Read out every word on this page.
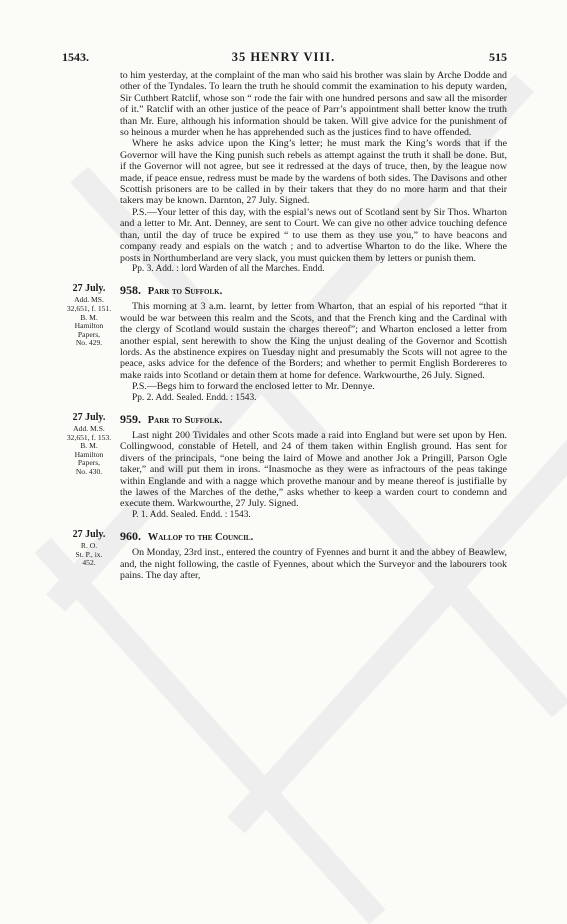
1543.	35 HENRY VIII.	515

to him yesterday, at the complaint of the man who said his brother was slain by Arche Dodde and other of the Tyndales. To learn the truth he should commit the examination to his deputy warden, Sir Cuthbert Ratclif, whose son “ rode the fair with one hundred persons and saw all the misorder of it.” Ratclif with an other justice of the peace of Parr’s appointment shall better know the truth than Mr. Eure, although his information should be taken. Will give advice for the punishment of so heinous a murder when he has apprehended such as the justices find to have offended.

Where he asks advice upon the King’s letter; he must mark the King’s words that if the Governor will have the King punish such rebels as attempt against the truth it shall be done. But, if the Governor will not agree, but see it redressed at the days of truce, then, by the league now made, if peace ensue, redress must be made by the wardens of both sides. The Davisons and other Scottish prisoners are to be called in by their takers that they do no more harm and that their takers may be known. Darnton, 27 July. Signed.

P.S.—Your letter of this day, with the espial’s news out of Scotland sent by Sir Thos. Wharton and a letter to Mr. Ant. Denney, are sent to Court. We can give no other advice touching defence than, until the day of truce be expired “ to use them as they use you,” to have beacons and company ready and espials on the watch ; and to advertise Wharton to do the like. Where the posts in Northumberland are very slack, you must quicken them by letters or punish them.

Pp. 3. Add. : lord Warden of all the Marches. Endd.

27 July.
Add. MS.
32,651, f. 151.
B. M.
Hamilton
Papers,
No. 429.
958. Parr to Suffolk.

This morning at 3 a.m. learnt, by letter from Wharton, that an espial of his reported “that it would be war between this realm and the Scots, and that the French king and the Cardinal with the clergy of Scotland would sustain the charges thereof”; and Wharton enclosed a letter from another espial, sent herewith to show the King the unjust dealing of the Governor and Scottish lords. As the abstinence expires on Tuesday night and presumably the Scots will not agree to the peace, asks advice for the defence of the Borders; and whether to permit English Bordereres to make raids into Scotland or detain them at home for defence. Warkwourthe, 26 July. Signed.

P.S.—Begs him to forward the enclosed letter to Mr. Dennye.

Pp. 2. Add. Sealed. Endd. : 1543.

27 July.
Add. M.S.
32,651, f. 153.
B. M.
Hamilton
Papers,
No. 430.
959. Parr to Suffolk.

Last night 200 Tividales and other Scots made a raid into England but were set upon by Hen. Collingwood, constable of Hetell, and 24 of them taken within English ground. Has sent for divers of the principals, “one being the laird of Mowe and another Jok a Pringill, Parson Ogle taker,” and will put them in irons. “Inasmoche as they were as infractours of the peas takinge within Englande and with a nagge which provethe manour and by meane thereof is justifialle by the lawes of the Marches of the dethe,” asks whether to keep a warden court to condemn and execute them. Warkwourthe, 27 July. Signed.

P. 1. Add. Sealed. Endd. : 1543.

27 July.
R. O.
St. P., ix.
452.
960. Wallop to the Council.

On Monday, 23rd inst., entered the country of Fyennes and burnt it and the abbey of Beawlew, and, the night following, the castle of Fyennes, about which the Surveyor and the labourers took pains. The day after,
